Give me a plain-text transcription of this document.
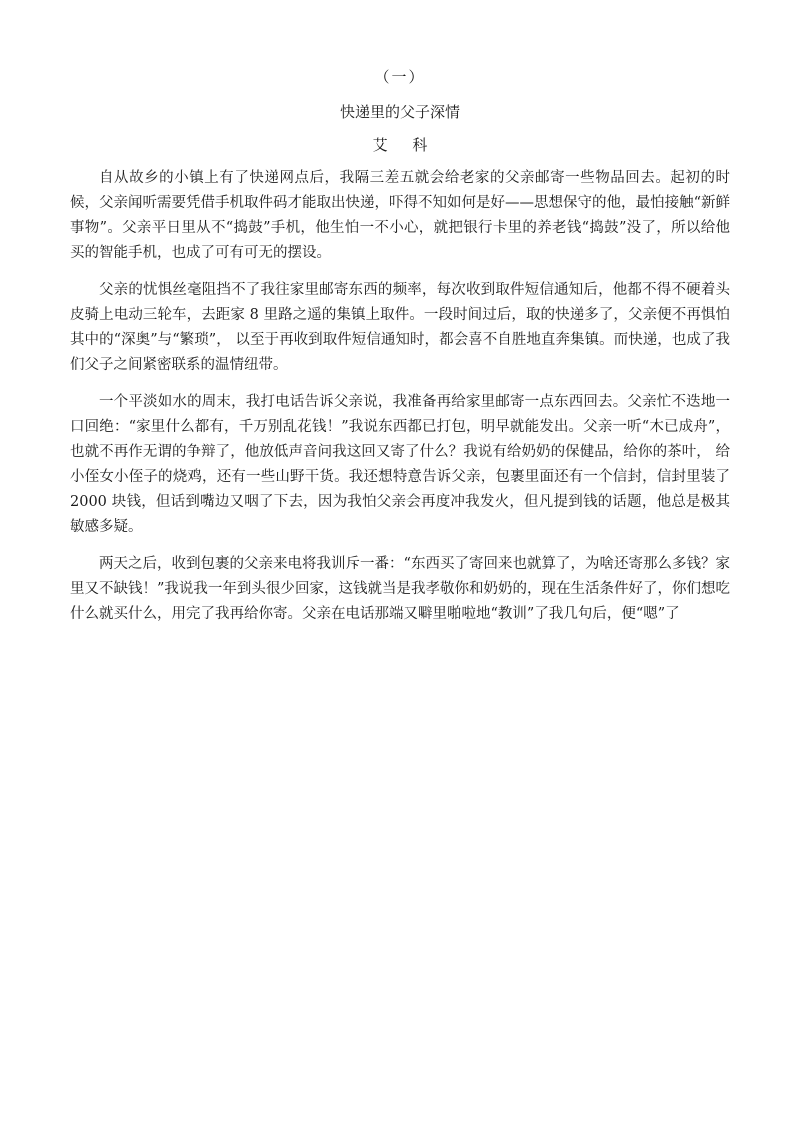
（一）
快递里的父子深情
艾 科

自从故乡的小镇上有了快递网点后，我隔三差五就会给老家的父亲邮寄一些物品回去。起初的时候，父亲闻听需要凭借手机取件码才能取出快递，吓得不知如何是好——思想保守的他，最怕接触“新鲜事物”。父亲平日里从不“捣鼓”手机，他生怕一不小心，就把银行卡里的养老钱“捣鼓”没了，所以给他买的智能手机，也成了可有可无的摆设。

父亲的忧惧丝毫阻挡不了我往家里邮寄东西的频率，每次收到取件短信通知后，他都不得不硬着头皮骑上电动三轮车，去距家 8 里路之遥的集镇上取件。一段时间过后，取的快递多了，父亲便不再惧怕其中的“深奥”与“繁琐”， 以至于再收到取件短信通知时，都会喜不自胜地直奔集镇。而快递，也成了我们父子之间紧密联系的温情纽带。

一个平淡如水的周末，我打电话告诉父亲说，我准备再给家里邮寄一点东西回去。父亲忙不迭地一口回绝：“家里什么都有，千万别乱花钱！”我说东西都已打包，明早就能发出。父亲一听“木已成舟”，也就不再作无谓的争辩了，他放低声音问我这回又寄了什么？我说有给奶奶的保健品，给你的茶叶， 给小侄女小侄子的烧鸡，还有一些山野干货。我还想特意告诉父亲，包裹里面还有一个信封，信封里装了 2000 块钱，但话到嘴边又咽了下去，因为我怕父亲会再度冲我发火，但凡提到钱的话题，他总是极其敏感多疑。

两天之后，收到包裹的父亲来电将我训斥一番：“东西买了寄回来也就算了，为啥还寄那么多钱？家里又不缺钱！”我说我一年到头很少回家，这钱就当是我孝敬你和奶奶的，现在生活条件好了，你们想吃什么就买什么，用完了我再给你寄。父亲在电话那端又噼里啪啦地“教训”了我几句后，便“嗯”了
